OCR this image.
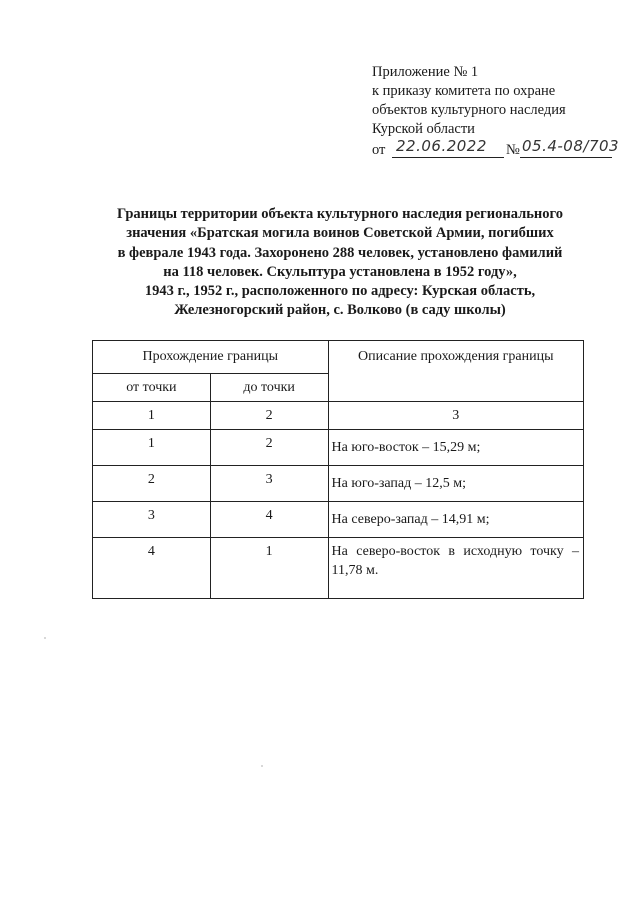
Приложение № 1
к приказу комитета по охране
объектов культурного наследия
Курской области
от 22.06.2022 № 05.4-08/703
Границы территории объекта культурного наследия регионального
значения «Братская могила воинов Советской Армии, погибших
в феврале 1943 года. Захоронено 288 человек, установлено фамилий
на 118 человек. Скульптура установлена в 1952 году»,
1943 г., 1952 г., расположенного по адресу: Курская область,
Железногорский район, с. Волково (в саду школы)
Прохождение границы		Описание прохождения границы
от точки	до точки	
1	2	3
1	2	На юго-восток – 15,29 м;
2	3	На юго-запад – 12,5 м;
3	4	На северо-запад – 14,91 м;
4	1	На северо-восток в исходную точку – 11,78 м.
